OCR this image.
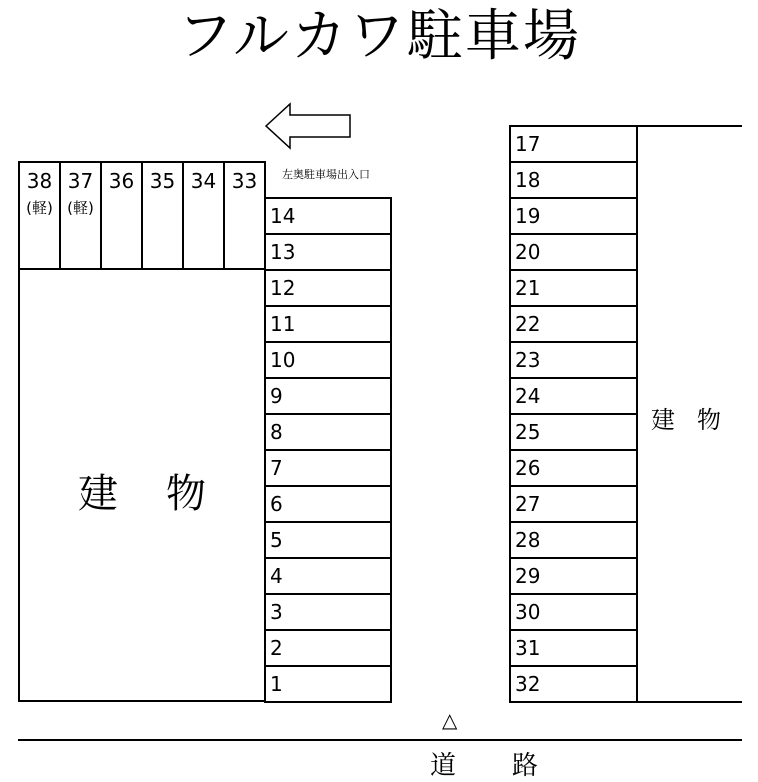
フルカワ駐車場
左奥駐車場出入口
建物
建物
38
(軽)
37
(軽)
36 35 34 33
14
13
12
11
10
9
8
7
6
5
4
3
2
1
17
18
19
20
21
22
23
24
25
26
27
28
29
30
31
32
△
道路
